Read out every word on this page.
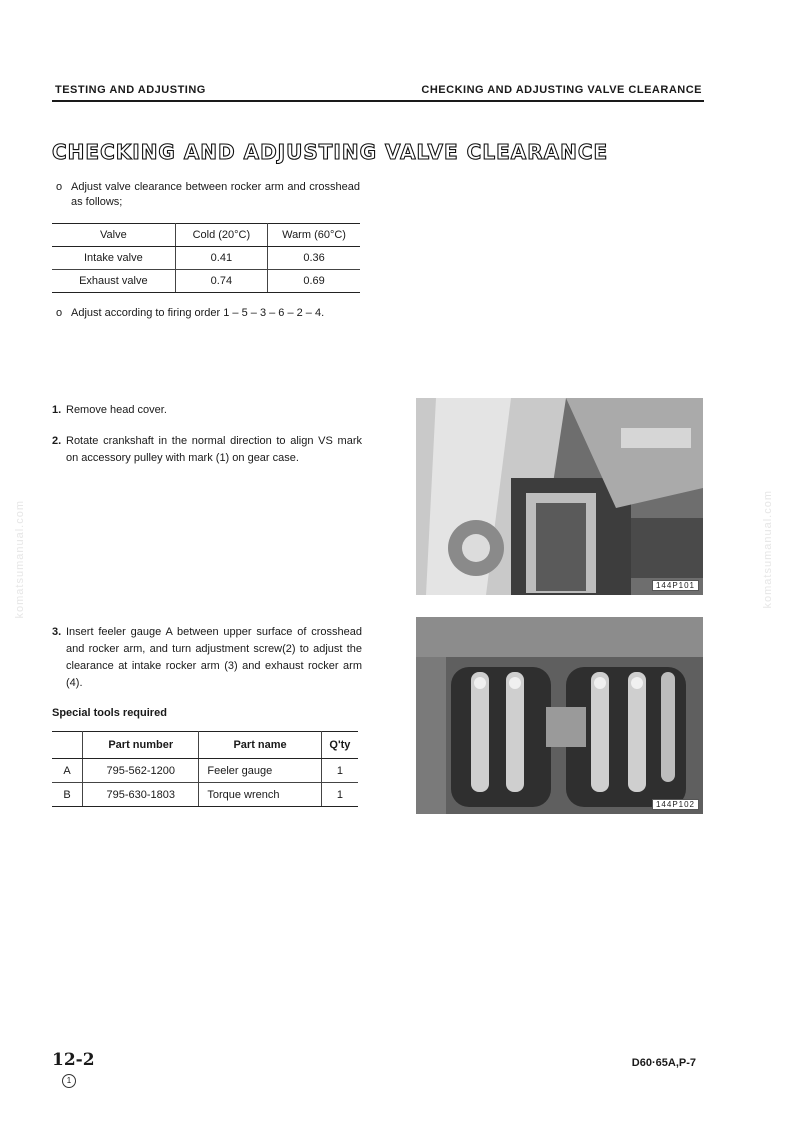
TESTING AND ADJUSTING	CHECKING AND ADJUSTING VALVE CLEARANCE
CHECKING AND ADJUSTING VALVE CLEARANCE
o Adjust valve clearance between rocker arm and crosshead as follows;
Valve	Cold (20°C)	Warm (60°C)
Intake valve	0.41	0.36
Exhaust valve	0.74	0.69
o Adjust according to firing order 1 – 5 – 3 – 6 – 2 – 4.
1. Remove head cover.
2. Rotate crankshaft in the normal direction to align VS mark on accessory pulley with mark (1) on gear case.
3. Insert feeler gauge A between upper surface of crosshead and rocker arm, and turn adjustment screw(2) to adjust the clearance at intake rocker arm (3) and exhaust rocker arm (4).
Special tools required
	Part number	Part name	Q'ty
A	795-562-1200	Feeler gauge	1
B	795-630-1803	Torque wrench	1
144P101
144P102
komatsumanual.com	komatsumanual.com
12-2
1
D60·65A,P-7
